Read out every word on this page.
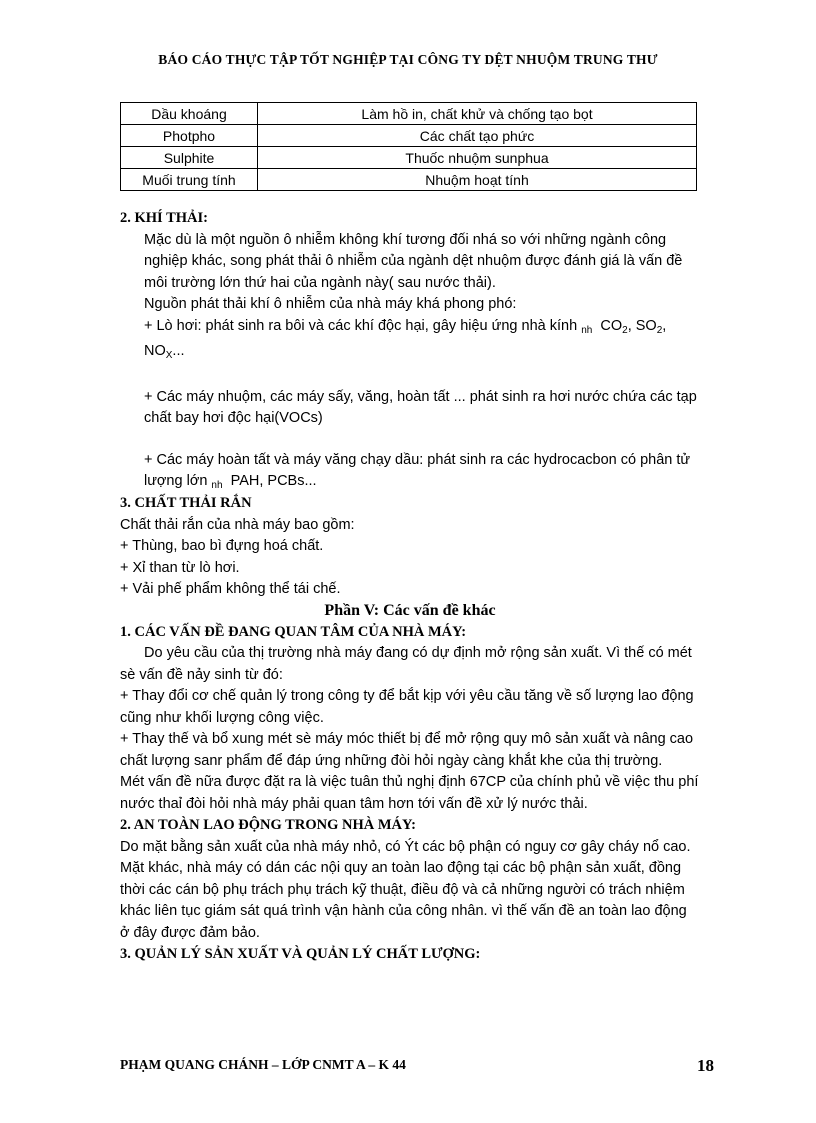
BÁO CÁO THỰC TẬP TỐT NGHIỆP TẠI CÔNG TY DỆT NHUỘM TRUNG THƯ
Dầu khoáng	Làm hồ in, chất khử và chống tạo bọt
Photpho	Các chất tạo phức
Sulphite	Thuốc nhuộm sunphua
Muối trung tính	Nhuộm hoạt tính
2. KHÍ THẢI:

Mặc dù là một nguồn ô nhiễm không khí tương đối nhá so với những ngành công nghiệp khác, song phát thải ô nhiễm của ngành dệt nhuộm được đánh giá là vấn đề môi trường lớn thứ hai của ngành này( sau nước thải).

Nguồn phát thải khí ô nhiễm của nhà máy khá phong phó:

+ Lò hơi: phát sinh ra bôi và các khí độc hại, gây hiệu ứng nhà kính $_{nh}$ $CO_2$, $SO_2$, $NO_X$...

+ Các máy nhuộm, các máy sấy, văng, hoàn tất ... phát sinh ra hơi nước chứa các tạp chất bay hơi độc hại(VOCs)

+ Các máy hoàn tất và máy văng chạy dầu: phát sinh ra các hydrocacbon có phân tử lượng lớn $_{nh}$ PAH, PCBs...

3. CHẤT THẢI RẮN

Chất thải rắn của nhà máy bao gồm:

+ Thùng, bao bì đựng hoá chất.

+ Xỉ than từ lò hơi.

+ Vải phế phẩm không thể tái chế.

Phần V: Các vấn đề khác
1. CÁC VẤN ĐỀ ĐANG QUAN TÂM CỦA NHÀ MÁY:

Do yêu cầu của thị trường nhà máy đang có dự định mở rộng sản xuất. Vì thế có mét sè vấn đề nảy sinh từ đó:

+ Thay đổi cơ chế quản lý trong công ty để bắt kịp với yêu cầu tăng về số lượng lao động cũng như khối lượng công việc.

+ Thay thế và bổ xung mét sè máy móc thiết bị để mở rộng quy mô sản xuất và nâng cao chất lượng sanr phẩm để đáp ứng những đòi hỏi ngày càng khắt khe của thị trường.

Mét vấn đề nữa được đặt ra là việc tuân thủ nghị định 67CP của chính phủ về việc thu phí nước thaỉ đòi hỏi nhà máy phải quan tâm hơn tới vấn đề xử lý nước thải.

2. AN TOÀN LAO ĐỘNG TRONG NHÀ MÁY:

Do mặt bằng sản xuất của nhà máy nhỏ, có Ýt các bộ phận có nguy cơ gây cháy nổ cao. Mặt khác, nhà máy có dán các nội quy an toàn lao động tại các bộ phận sản xuất, đồng thời các cán bộ phụ trách phụ trách kỹ thuật, điều độ và cả những người có trách nhiệm khác liên tục giám sát quá trình vận hành của công nhân. vì thế vấn đề an toàn lao động ở đây được đảm bảo.

3. QUẢN LÝ SẢN XUẤT VÀ QUẢN LÝ CHẤT LƯỢNG:
PHẠM QUANG CHÁNH – LỚP CNMT A – K 44	18
